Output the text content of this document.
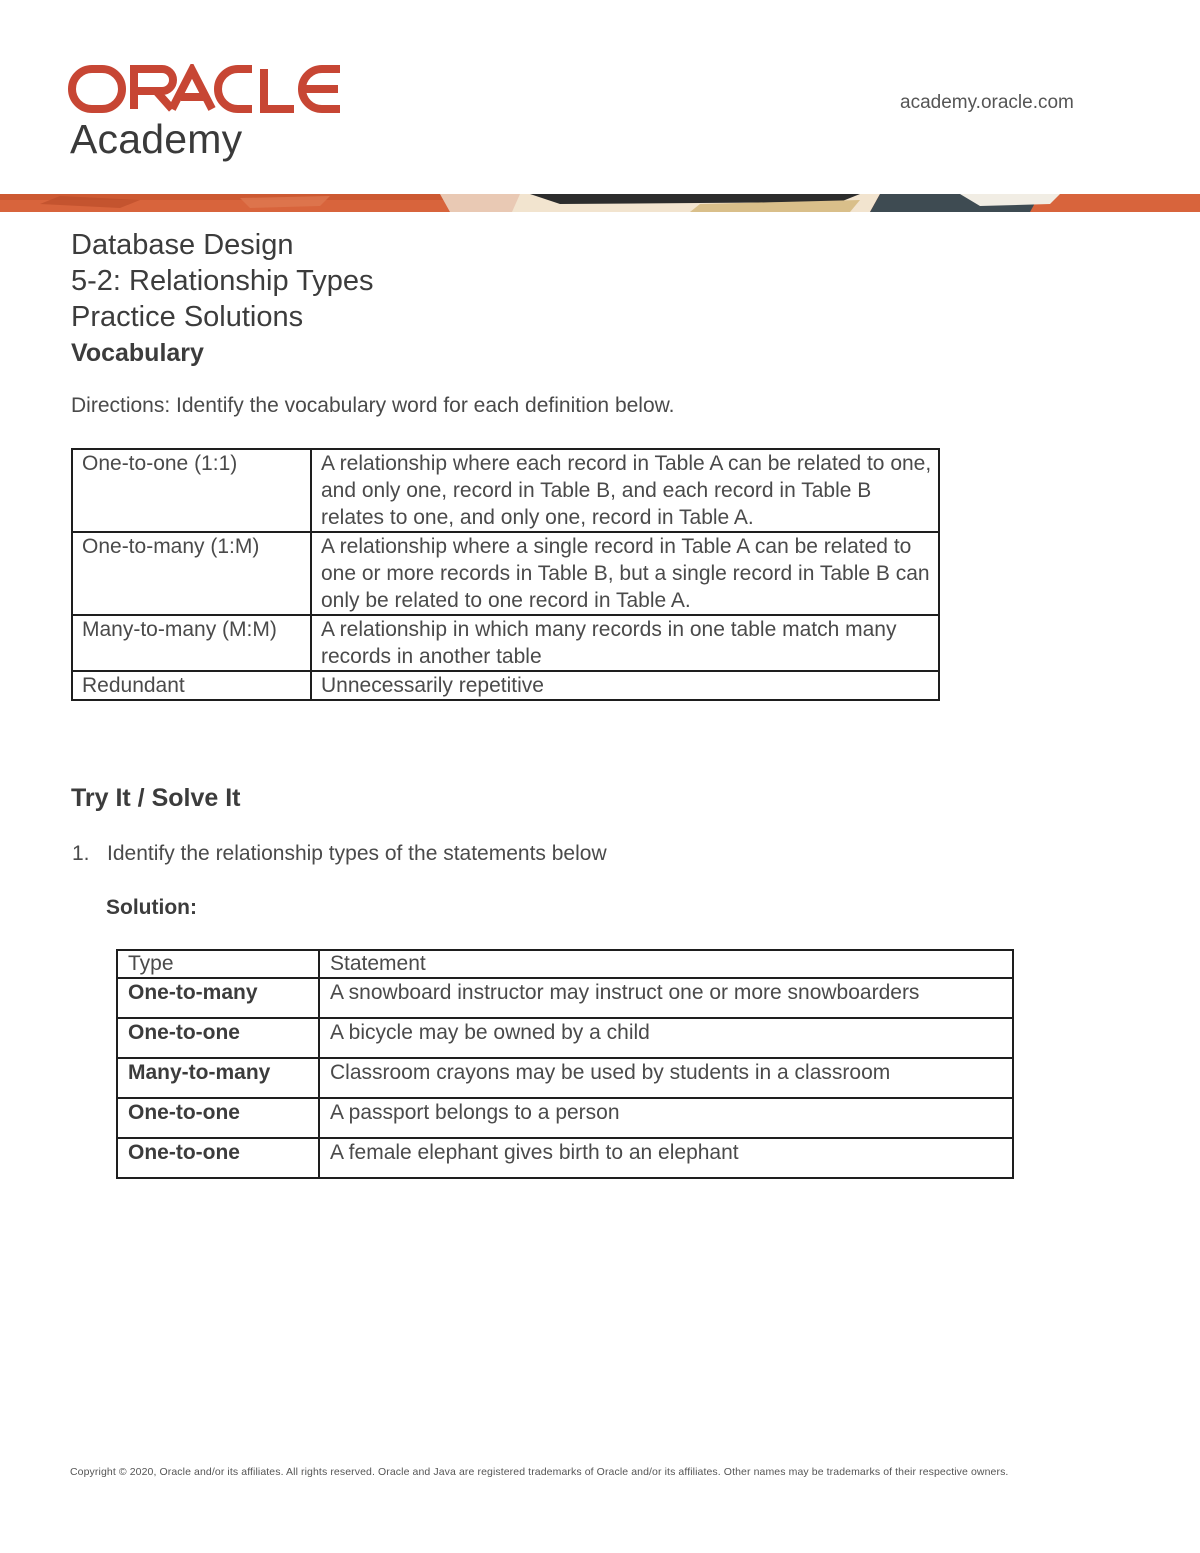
Academy
academy.oracle.com
Database Design
5-2: Relationship Types
Practice Solutions
Vocabulary
Directions: Identify the vocabulary word for each definition below.
One-to-one (1:1)	A relationship where each record in Table A can be related to one, and only one, record in Table B, and each record in Table B relates to one, and only one, record in Table A.
One-to-many (1:M)	A relationship where a single record in Table A can be related to one or more records in Table B, but a single record in Table B can only be related to one record in Table A.
Many-to-many (M:M)	A relationship in which many records in one table match many records in another table
Redundant	Unnecessarily repetitive
Try It / Solve It
1. Identify the relationship types of the statements below
Solution:
Type	Statement
One-to-many	A snowboard instructor may instruct one or more snowboarders
One-to-one	A bicycle may be owned by a child
Many-to-many	Classroom crayons may be used by students in a classroom
One-to-one	A passport belongs to a person
One-to-one	A female elephant gives birth to an elephant
Copyright © 2020, Oracle and/or its affiliates. All rights reserved. Oracle and Java are registered trademarks of Oracle and/or its affiliates. Other names may be trademarks of their respective owners.
